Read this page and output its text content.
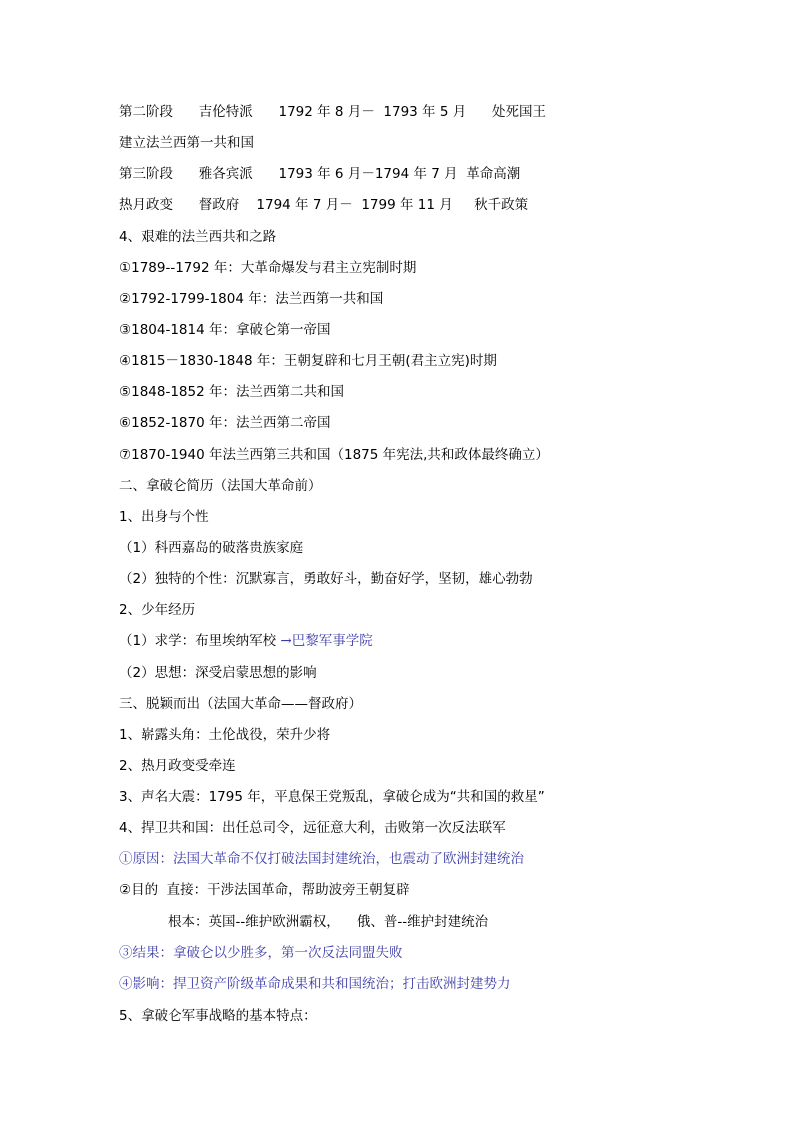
第二阶段      吉伦特派      1792 年 8 月－  1793 年 5 月      处死国王
建立法兰西第一共和国
第三阶段      雅各宾派      1793 年 6 月－1794 年 7 月  革命高潮
热月政变      督政府    1794 年 7 月－  1799 年 11 月     秋千政策
4、艰难的法兰西共和之路
①1789--1792 年：大革命爆发与君主立宪制时期
②1792-1799-1804 年：法兰西第一共和国
③1804-1814 年：拿破仑第一帝国
④1815－1830-1848 年：王朝复辟和七月王朝(君主立宪)时期
⑤1848-1852 年：法兰西第二共和国
⑥1852-1870 年：法兰西第二帝国
⑦1870-1940 年法兰西第三共和国（1875 年宪法,共和政体最终确立）
二、拿破仑简历（法国大革命前）
1、出身与个性
（1）科西嘉岛的破落贵族家庭
（2）独特的个性：沉默寡言，勇敢好斗，勤奋好学，坚韧，雄心勃勃
2、少年经历
（1）求学：布里埃纳军校 →巴黎军事学院
（2）思想：深受启蒙思想的影响
三、脱颖而出（法国大革命——督政府）
1、崭露头角：土伦战役，荣升少将
2、热月政变受牵连
3、声名大震：1795 年，平息保王党叛乱，拿破仑成为“共和国的救星”
4、捍卫共和国：出任总司令，远征意大利，击败第一次反法联军
①原因：法国大革命不仅打破法国封建统治，也震动了欧洲封建统治
②目的  直接：干涉法国革命，帮助波旁王朝复辟
根本：英国--维护欧洲霸权，    俄、普--维护封建统治
③结果：拿破仑以少胜多，第一次反法同盟失败
④影响：捍卫资产阶级革命成果和共和国统治；打击欧洲封建势力
5、拿破仑军事战略的基本特点：
